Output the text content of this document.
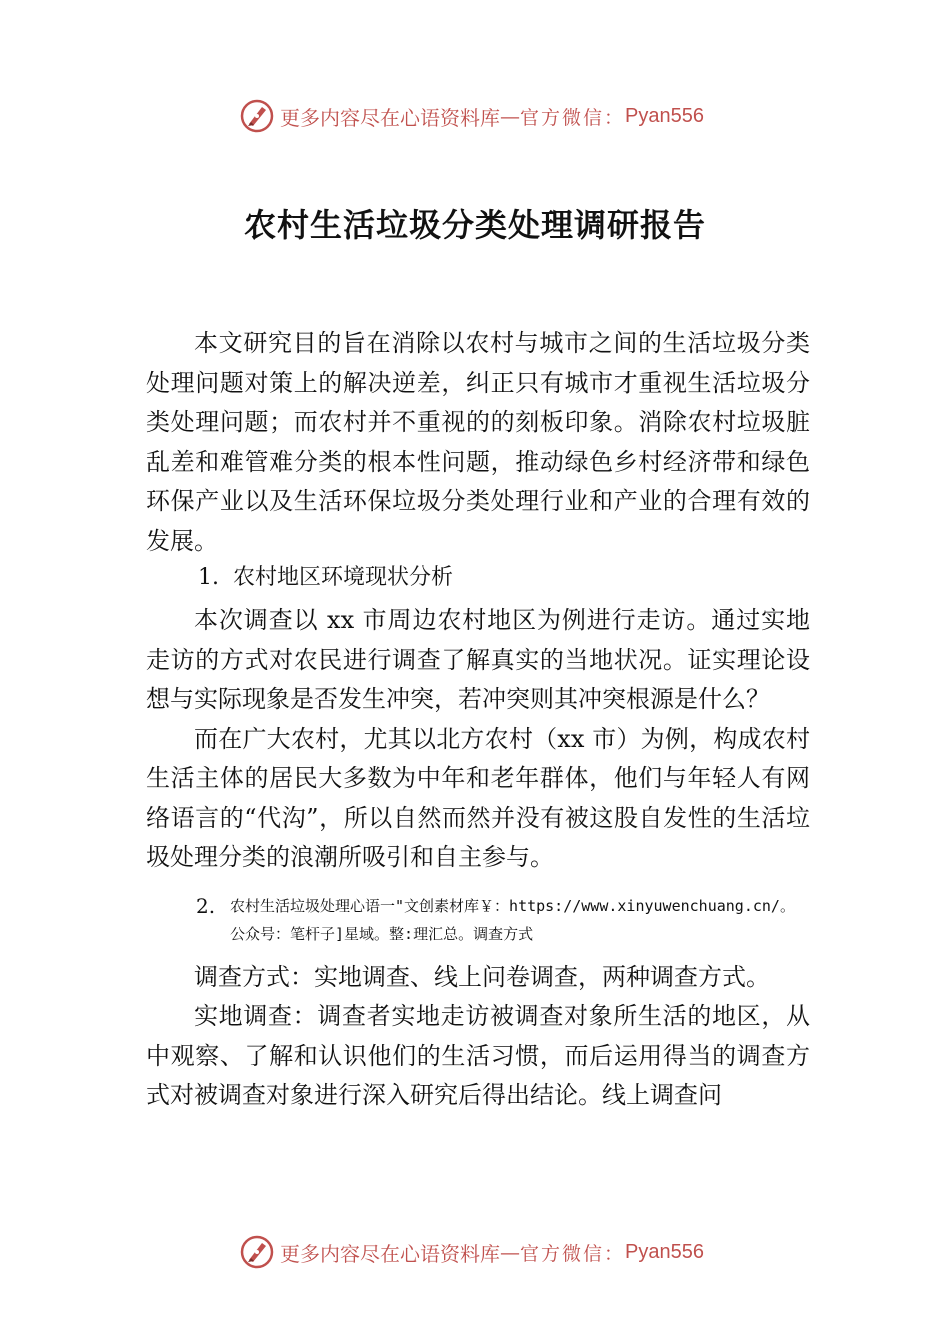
更多内容尽在心语资料库 — 官方微信： Pyan556
农村生活垃圾分类处理调研报告

本文研究目的旨在消除以农村与城市之间的生活垃圾分类处理问题对策上的解决逆差，纠正只有城市才重视生活垃圾分类处理问题；而农村并不重视的的刻板印象。消除农村垃圾脏乱差和难管难分类的根本性问题，推动绿色乡村经济带和绿色环保产业以及生活环保垃圾分类处理行业和产业的合理有效的发展。

1. 农村地区环境现状分析

本次调查以 xx 市周边农村地区为例进行走访。通过实地走访的方式对农民进行调查了解真实的当地状况。证实理论设想与实际现象是否发生冲突，若冲突则其冲突根源是什么？

而在广大农村，尤其以北方农村（xx 市）为例，构成农村生活主体的居民大多数为中年和老年群体，他们与年轻人有网络语言的“代沟”，所以自然而然并没有被这股自发性的生活垃圾处理分类的浪潮所吸引和自主参与。

2. 农村生活垃圾处理心语一"文创素材库￥：https://www.xinyuwenchuang.cn/。
公众号：笔杆子]星域。整:理汇总。调查方式

调查方式：实地调查、线上问卷调查，两种调查方式。

实地调查：调查者实地走访被调查对象所生活的地区，从中观察、了解和认识他们的生活习惯，而后运用得当的调查方式对被调查对象进行深入研究后得出结论。线上调查问

更多内容尽在心语资料库 — 官方微信： Pyan556
